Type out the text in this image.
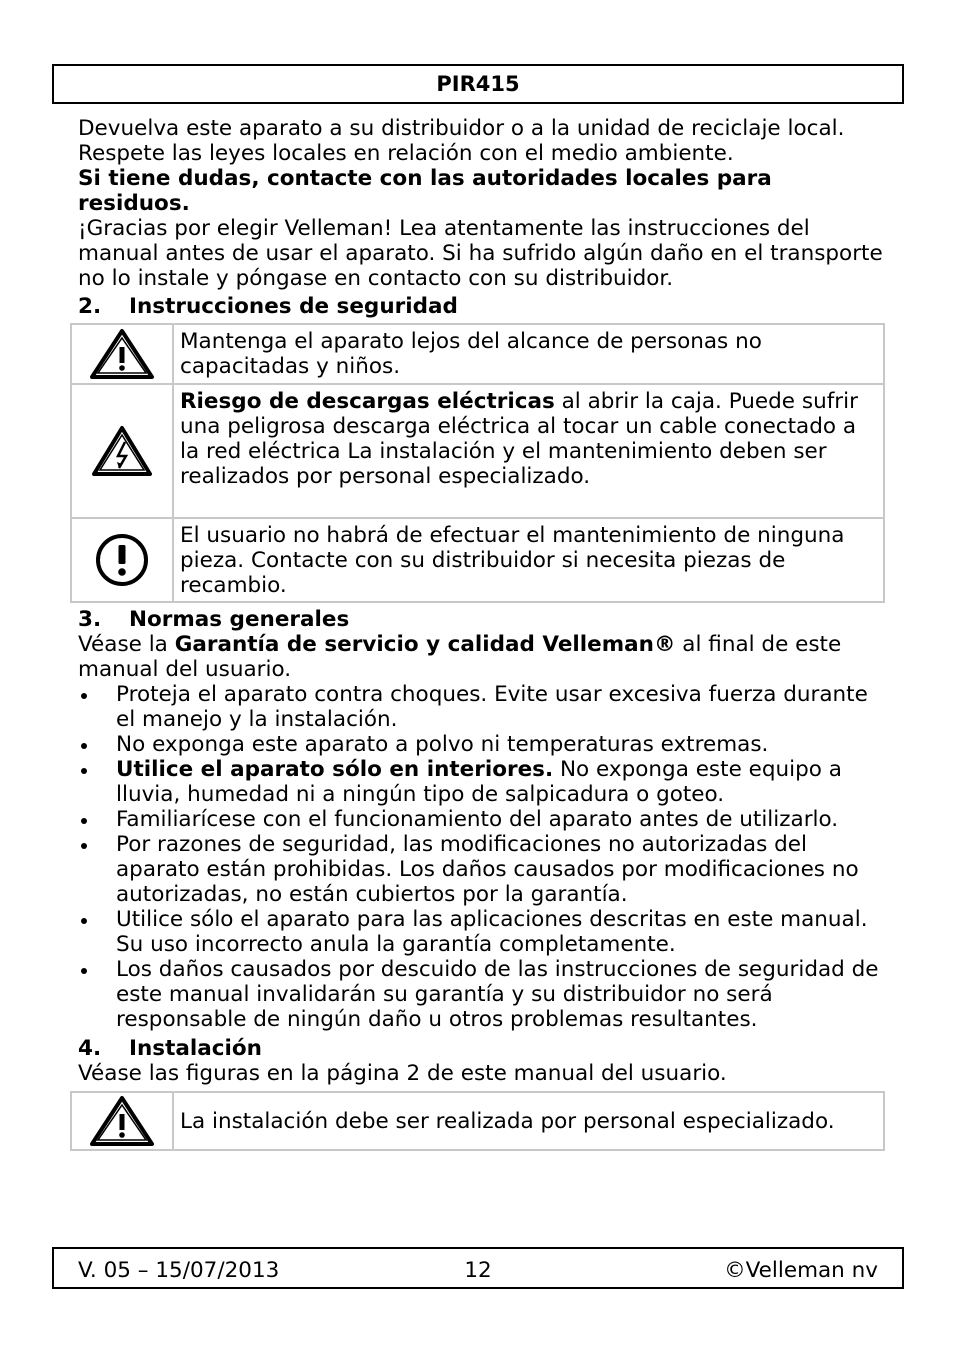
PIR415

Devuelva este aparato a su distribuidor o a la unidad de reciclaje local. Respete las leyes locales en relación con el medio ambiente.

Si tiene dudas, contacte con las autoridades locales para residuos.

¡Gracias por elegir Velleman! Lea atentamente las instrucciones del manual antes de usar el aparato. Si ha sufrido algún daño en el transporte no lo instale y póngase en contacto con su distribuidor.

2. Instrucciones de seguridad
	Mantenga el aparato lejos del alcance de personas no capacitadas y niños.

	Riesgo de descargas eléctricas al abrir la caja. Puede sufrir una peligrosa descarga eléctrica al tocar un cable conectado a la red eléctrica La instalación y el mantenimiento deben ser realizados por personal especializado.

	El usuario no habrá de efectuar el mantenimiento de ninguna pieza. Contacte con su distribuidor si necesita piezas de recambio.
3. Normas generales

Véase la Garantía de servicio y calidad Velleman® al final de este manual del usuario.

Proteja el aparato contra choques. Evite usar excesiva fuerza durante el manejo y la instalación.
No exponga este aparato a polvo ni temperaturas extremas.
Utilice el aparato sólo en interiores. No exponga este equipo a lluvia, humedad ni a ningún tipo de salpicadura o goteo.
Familiarícese con el funcionamiento del aparato antes de utilizarlo.
Por razones de seguridad, las modificaciones no autorizadas del aparato están prohibidas. Los daños causados por modificaciones no autorizadas, no están cubiertos por la garantía.
Utilice sólo el aparato para las aplicaciones descritas en este manual. Su uso incorrecto anula la garantía completamente.
Los daños causados por descuido de las instrucciones de seguridad de este manual invalidarán su garantía y su distribuidor no será responsable de ningún daño u otros problemas resultantes.
4. Instalación

Véase las figuras en la página 2 de este manual del usuario.

	La instalación debe ser realizada por personal especializado.
V. 05 – 15/07/2013	12	©Velleman nv
